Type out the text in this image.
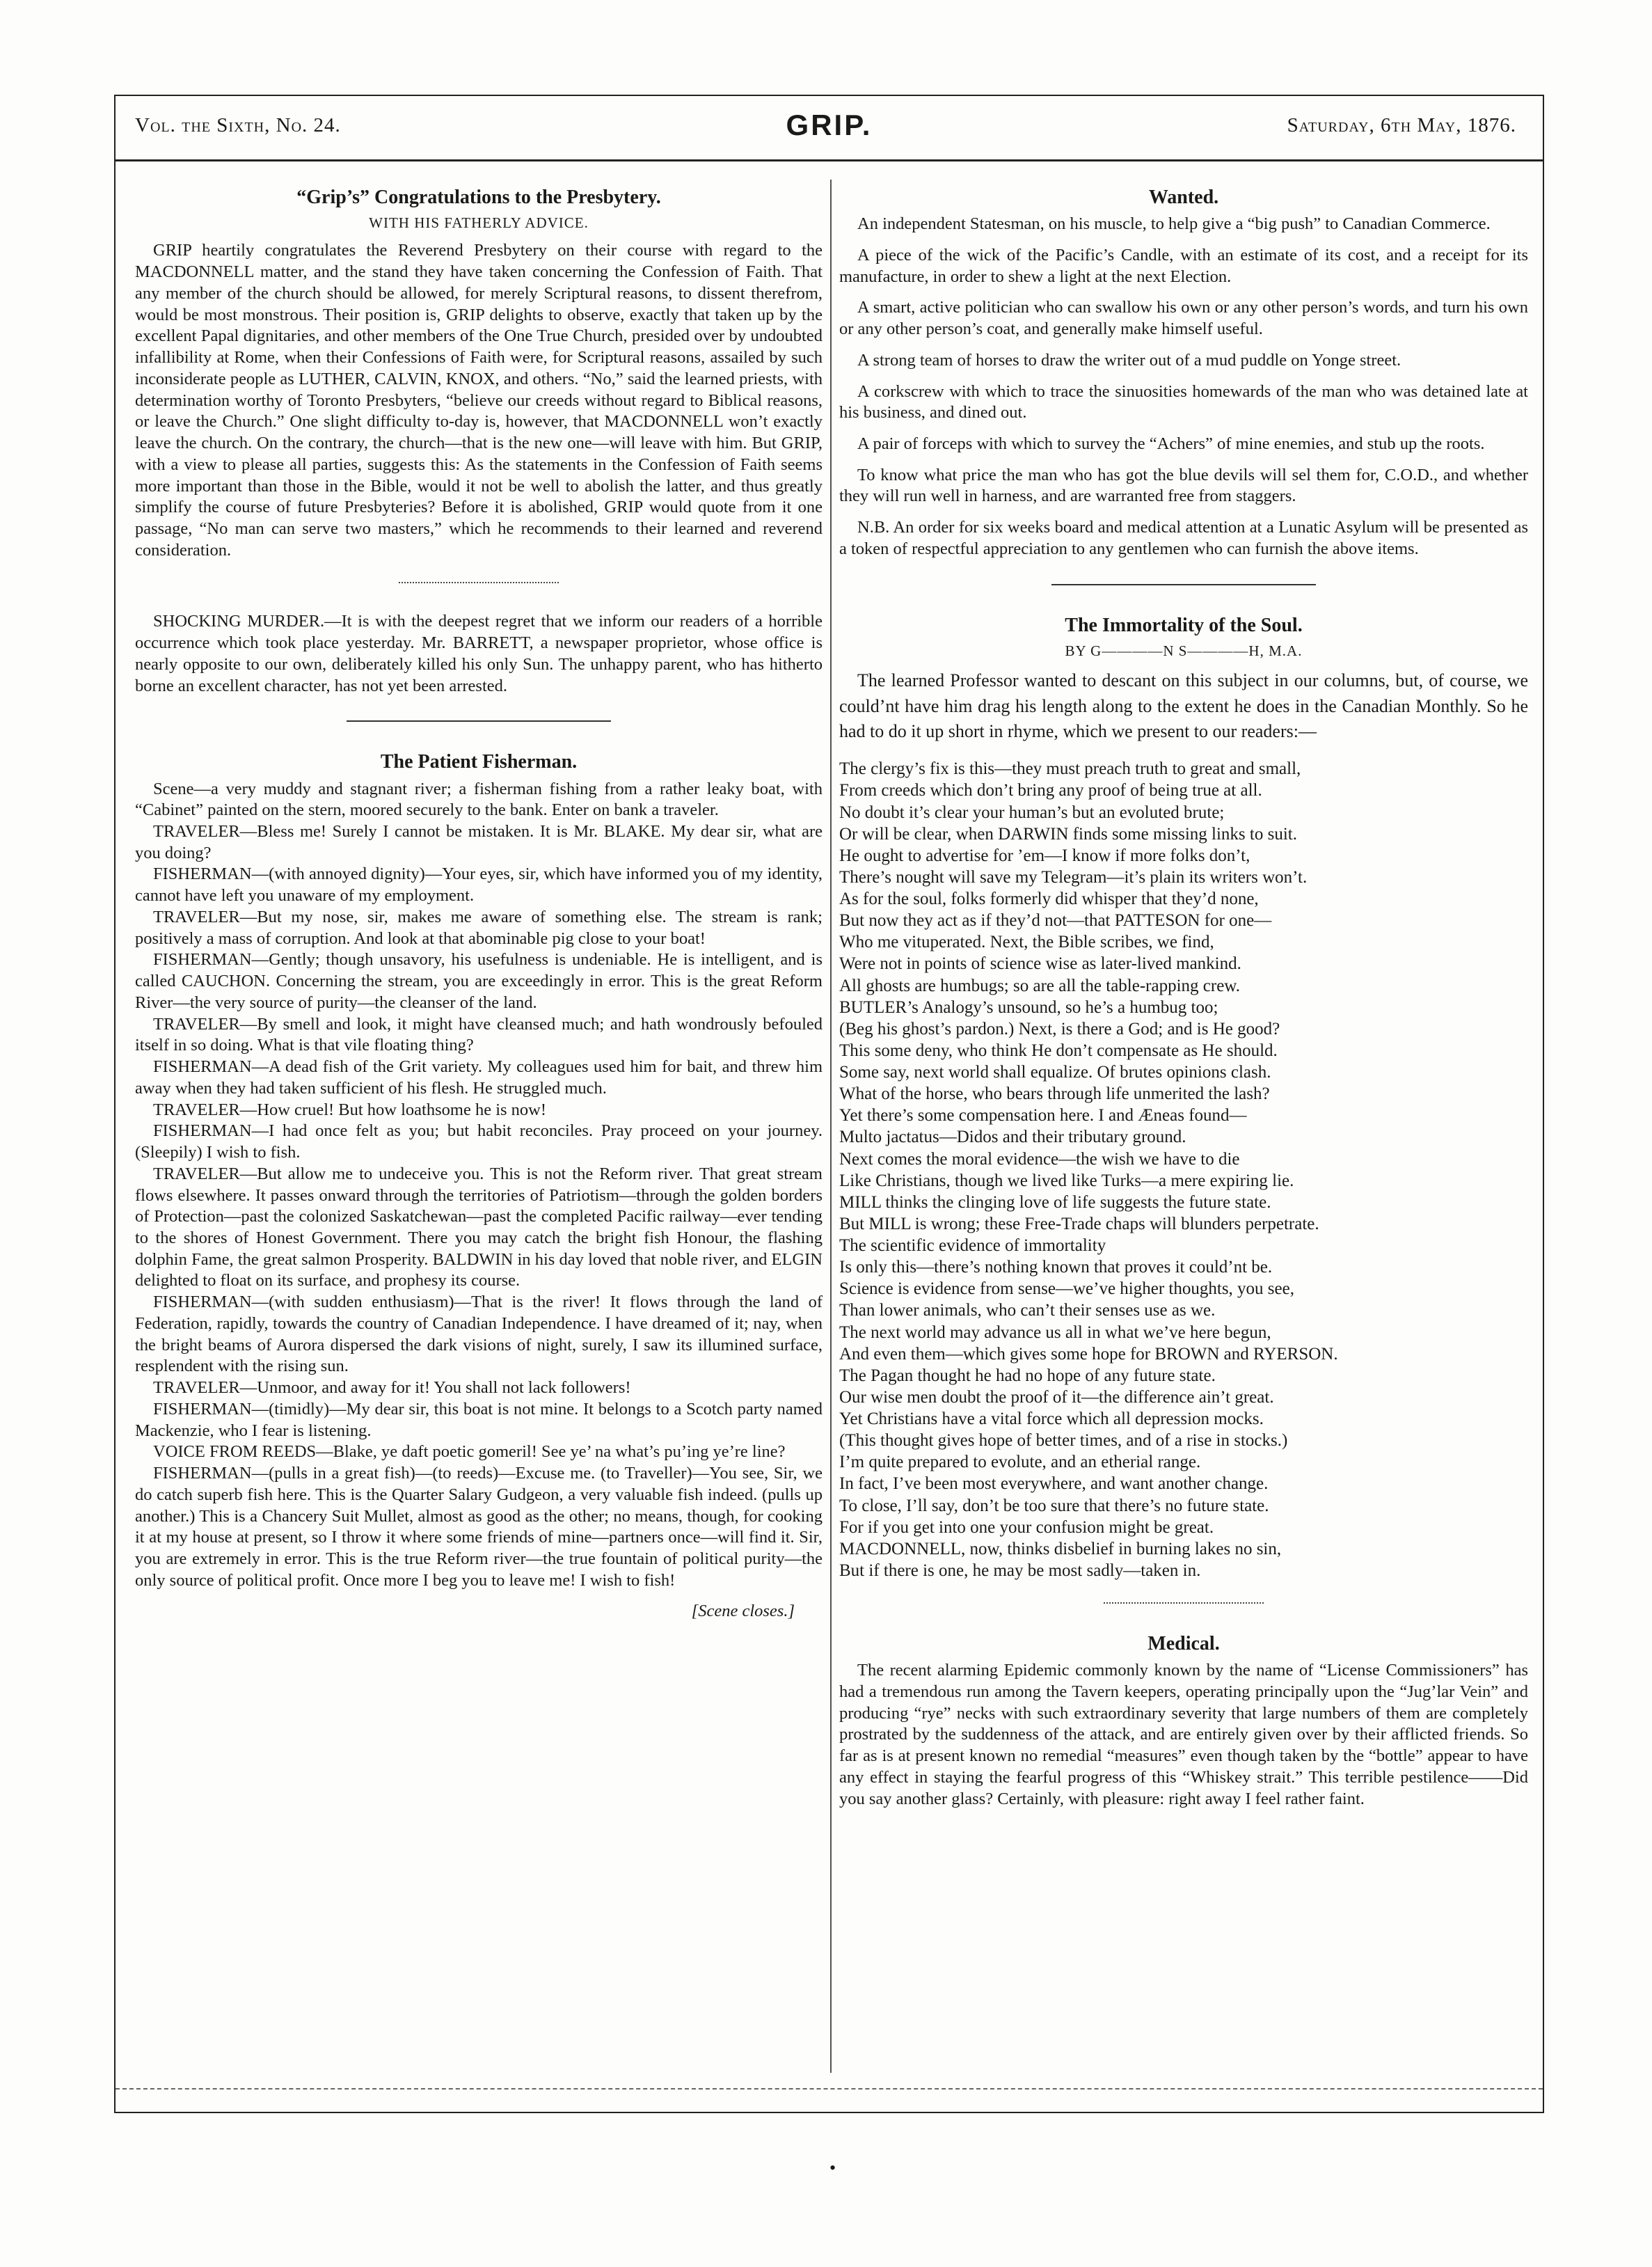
Vol. the Sixth, No. 24.	GRIP.	Saturday, 6th May, 1876.
“Grip’s” Congratulations to the Presbytery.
WITH HIS FATHERLY ADVICE.

GRIP heartily congratulates the Reverend Presbytery on their course with regard to the MACDONNELL matter, and the stand they have taken concerning the Confession of Faith. That any member of the church should be allowed, for merely Scriptural reasons, to dissent therefrom, would be most monstrous. Their position is, GRIP delights to observe, exactly that taken up by the excellent Papal dignitaries, and other members of the One True Church, presided over by undoubted infallibility at Rome, when their Confessions of Faith were, for Scriptural reasons, assailed by such inconsiderate people as LUTHER, CALVIN, KNOX, and others. “No,” said the learned priests, with determination worthy of Toronto Presbyters, “believe our creeds without regard to Biblical reasons, or leave the Church.” One slight difficulty to-day is, however, that MACDONNELL won’t exactly leave the church. On the contrary, the church—that is the new one—will leave with him. But GRIP, with a view to please all parties, suggests this: As the statements in the Confession of Faith seems more important than those in the Bible, would it not be well to abolish the latter, and thus greatly simplify the course of future Presbyteries? Before it is abolished, GRIP would quote from it one passage, “No man can serve two masters,” which he recommends to their learned and reverend consideration.

SHOCKING MURDER.—It is with the deepest regret that we inform our readers of a horrible occurrence which took place yesterday. Mr. BARRETT, a newspaper proprietor, whose office is nearly opposite to our own, deliberately killed his only Sun. The unhappy parent, who has hitherto borne an excellent character, has not yet been arrested.

The Patient Fisherman.

Scene—a very muddy and stagnant river; a fisherman fishing from a rather leaky boat, with “Cabinet” painted on the stern, moored securely to the bank. Enter on bank a traveler.

TRAVELER—Bless me! Surely I cannot be mistaken. It is Mr. BLAKE. My dear sir, what are you doing?

FISHERMAN—(with annoyed dignity)—Your eyes, sir, which have informed you of my identity, cannot have left you unaware of my employment.

TRAVELER—But my nose, sir, makes me aware of something else. The stream is rank; positively a mass of corruption. And look at that abominable pig close to your boat!

FISHERMAN—Gently; though unsavory, his usefulness is undeniable. He is intelligent, and is called CAUCHON. Concerning the stream, you are exceedingly in error. This is the great Reform River—the very source of purity—the cleanser of the land.

TRAVELER—By smell and look, it might have cleansed much; and hath wondrously befouled itself in so doing. What is that vile floating thing?

FISHERMAN—A dead fish of the Grit variety. My colleagues used him for bait, and threw him away when they had taken sufficient of his flesh. He struggled much.

TRAVELER—How cruel! But how loathsome he is now!

FISHERMAN—I had once felt as you; but habit reconciles. Pray proceed on your journey. (Sleepily) I wish to fish.

TRAVELER—But allow me to undeceive you. This is not the Reform river. That great stream flows elsewhere. It passes onward through the territories of Patriotism—through the golden borders of Protection—past the colonized Saskatchewan—past the completed Pacific railway—ever tending to the shores of Honest Government. There you may catch the bright fish Honour, the flashing dolphin Fame, the great salmon Prosperity. BALDWIN in his day loved that noble river, and ELGIN delighted to float on its surface, and prophesy its course.

FISHERMAN—(with sudden enthusiasm)—That is the river! It flows through the land of Federation, rapidly, towards the country of Canadian Independence. I have dreamed of it; nay, when the bright beams of Aurora dispersed the dark visions of night, surely, I saw its illumined surface, resplendent with the rising sun.

TRAVELER—Unmoor, and away for it! You shall not lack followers!

FISHERMAN—(timidly)—My dear sir, this boat is not mine. It belongs to a Scotch party named Mackenzie, who I fear is listening.

VOICE FROM REEDS—Blake, ye daft poetic gomeril! See ye’ na what’s pu’ing ye’re line?

FISHERMAN—(pulls in a great fish)—(to reeds)—Excuse me. (to Traveller)—You see, Sir, we do catch superb fish here. This is the Quarter Salary Gudgeon, a very valuable fish indeed. (pulls up another.) This is a Chancery Suit Mullet, almost as good as the other; no means, though, for cooking it at my house at present, so I throw it where some friends of mine—partners once—will find it. Sir, you are extremely in error. This is the true Reform river—the true fountain of political purity—the only source of political profit. Once more I beg you to leave me! I wish to fish!

[Scene closes.]
Wanted.

An independent Statesman, on his muscle, to help give a “big push” to Canadian Commerce.

A piece of the wick of the Pacific’s Candle, with an estimate of its cost, and a receipt for its manufacture, in order to shew a light at the next Election.

A smart, active politician who can swallow his own or any other person’s words, and turn his own or any other person’s coat, and generally make himself useful.

A strong team of horses to draw the writer out of a mud puddle on Yonge street.

A corkscrew with which to trace the sinuosities homewards of the man who was detained late at his business, and dined out.

A pair of forceps with which to survey the “Achers” of mine enemies, and stub up the roots.

To know what price the man who has got the blue devils will sel them for, C.O.D., and whether they will run well in harness, and are warranted free from staggers.

N.B. An order for six weeks board and medical attention at a Lunatic Asylum will be presented as a token of respectful appreciation to any gentlemen who can furnish the above items.

The Immortality of the Soul.
BY G————N S————H, M.A.

The learned Professor wanted to descant on this subject in our columns, but, of course, we could’nt have him drag his length along to the extent he does in the Canadian Monthly. So he had to do it up short in rhyme, which we present to our readers:—

The clergy’s fix is this—they must preach truth to great and small,
From creeds which don’t bring any proof of being true at all.
No doubt it’s clear your human’s but an evoluted brute;
Or will be clear, when DARWIN finds some missing links to suit.
He ought to advertise for ’em—I know if more folks don’t,
There’s nought will save my Telegram—it’s plain its writers won’t.
As for the soul, folks formerly did whisper that they’d none,
But now they act as if they’d not—that PATTESON for one—
Who me vituperated. Next, the Bible scribes, we find,
Were not in points of science wise as later-lived mankind.
All ghosts are humbugs; so are all the table-rapping crew.
BUTLER’s Analogy’s unsound, so he’s a humbug too;
(Beg his ghost’s pardon.) Next, is there a God; and is He good?
This some deny, who think He don’t compensate as He should.
Some say, next world shall equalize. Of brutes opinions clash.
What of the horse, who bears through life unmerited the lash?
Yet there’s some compensation here. I and Æneas found—
Multo jactatus—Didos and their tributary ground.
Next comes the moral evidence—the wish we have to die
Like Christians, though we lived like Turks—a mere expiring lie.
MILL thinks the clinging love of life suggests the future state.
But MILL is wrong; these Free-Trade chaps will blunders perpetrate.
The scientific evidence of immortality
Is only this—there’s nothing known that proves it could’nt be.
Science is evidence from sense—we’ve higher thoughts, you see,
Than lower animals, who can’t their senses use as we.
The next world may advance us all in what we’ve here begun,
And even them—which gives some hope for BROWN and RYERSON.
The Pagan thought he had no hope of any future state.
Our wise men doubt the proof of it—the difference ain’t great.
Yet Christians have a vital force which all depression mocks.
(This thought gives hope of better times, and of a rise in stocks.)
I’m quite prepared to evolute, and an etherial range.
In fact, I’ve been most everywhere, and want another change.
To close, I’ll say, don’t be too sure that there’s no future state.
For if you get into one your confusion might be great.
MACDONNELL, now, thinks disbelief in burning lakes no sin,
But if there is one, he may be most sadly—taken in.
Medical.

The recent alarming Epidemic commonly known by the name of “License Commissioners” has had a tremendous run among the Tavern keepers, operating principally upon the “Jug’lar Vein” and producing “rye” necks with such extraordinary severity that large numbers of them are completely prostrated by the suddenness of the attack, and are entirely given over by their afflicted friends. So far as is at present known no remedial “measures” even though taken by the “bottle” appear to have any effect in staying the fearful progress of this “Whiskey strait.” This terrible pestilence——Did you say another glass? Certainly, with pleasure: right away I feel rather faint.

•
